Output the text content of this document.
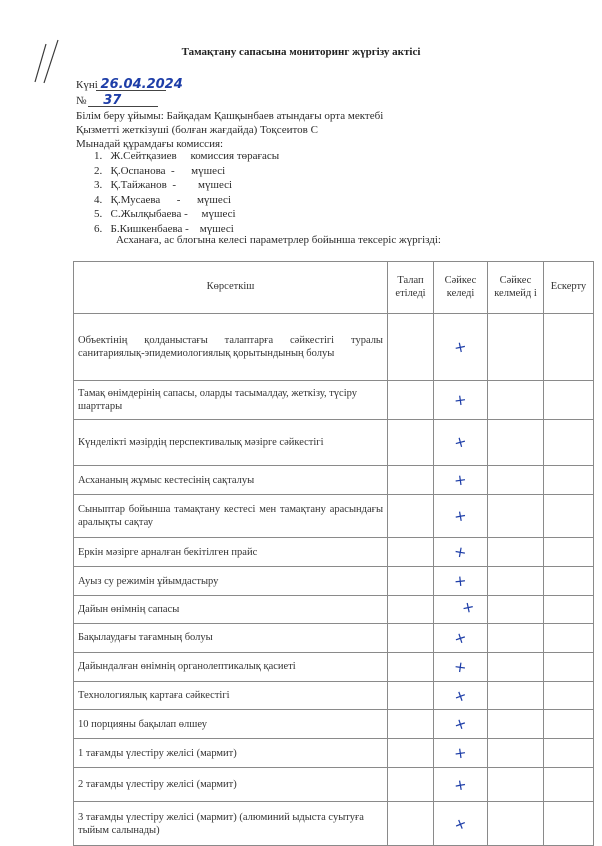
Тамақтану сапасына мониторинг жүргізу актісі
Күні 26.04.2024
№ 37
Білім беру ұйымы: Байқадам Қашқынбаев атындағы орта мектебі
Қызметті жеткізуші (болған жағдайда) Тоқсеитов С
Мынадай құрамдағы комиссия:
1.   Ж.Сейтқазиев     комиссия төрағасы
2.   Қ.Оспанова  -      мүшесі
3.   Қ.Тайжанов  -        мүшесі
4.   Қ.Мусаева      -      мүшесі
5.   С.Жылқыбаева -     мүшесі
6.   Б.Кишкенбаева -    мүшесі
Асханаға, ас блогына келесі параметрлер бойынша тексеріс жүргізді:
Көрсеткіш	Талап етіледі	Сәйкес келеді	Сәйкес келмейд і	Ескерту
Объектінің қолданыстағы талаптарға сәйкестігі туралы санитариялық-эпидемиологиялық қорытындының болуы		+		
Тамақ өнімдерінің сапасы, оларды тасымалдау, жеткізу, түсіру шарттары		+		
Күнделікті мәзірдің перспективалық мәзірге сәйкестігі		+		
Асхананың жұмыс кестесінің сақталуы		+		
Сыныптар бойынша тамақтану кестесі мен тамақтану арасындағы аралықты сақтау		+		
Еркін мәзірге арналған бекітілген прайс		+		
Ауыз су режимін ұйымдастыру		+		
Дайын өнімнің сапасы		+		
Бақылаудағы тағамның болуы		+		
Дайындалған өнімнің органолептикалық қасиеті		+		
Технологиялық картаға сәйкестігі		+		
10 порцияны бақылап өлшеу		+		
1 тағамды үлестіру желісі (мармит)		+		
2 тағамды үлестіру желісі (мармит)		+		
3 тағамды үлестіру желісі (мармит) (алюминий ыдыста суытуға тыйым салынады)		+		
